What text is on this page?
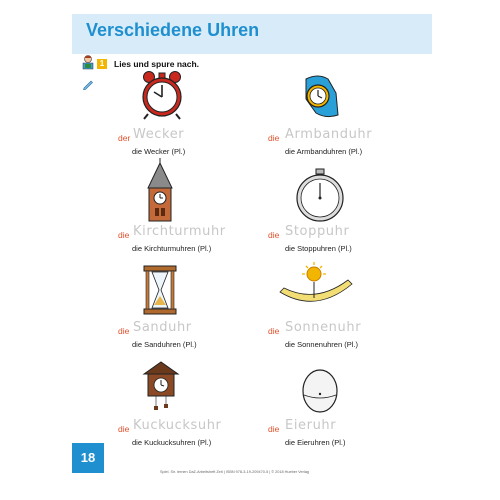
Verschiedene Uhren
1	Lies und spure nach.
der Wecker
die Wecker (Pl.)
die Armbanduhr
die Armbanduhren (Pl.)
die Kirchturmuhr
die Kirchturmuhren (Pl.)
die Stoppuhr
die Stoppuhren (Pl.)
die Sanduhr
die Sanduhren (Pl.)
die Sonnenuhr
die Sonnenuhren (Pl.)
die Kuckucksuhr
die Kuckucksuhren (Pl.)
die Eieruhr
die Eieruhren (Pl.)
18
Spiel. Sir. lernen DaZ-Arbeitsheft Zeit | ISBN 978-3-19-209470-5 | © 2018 Hueber Verlag
